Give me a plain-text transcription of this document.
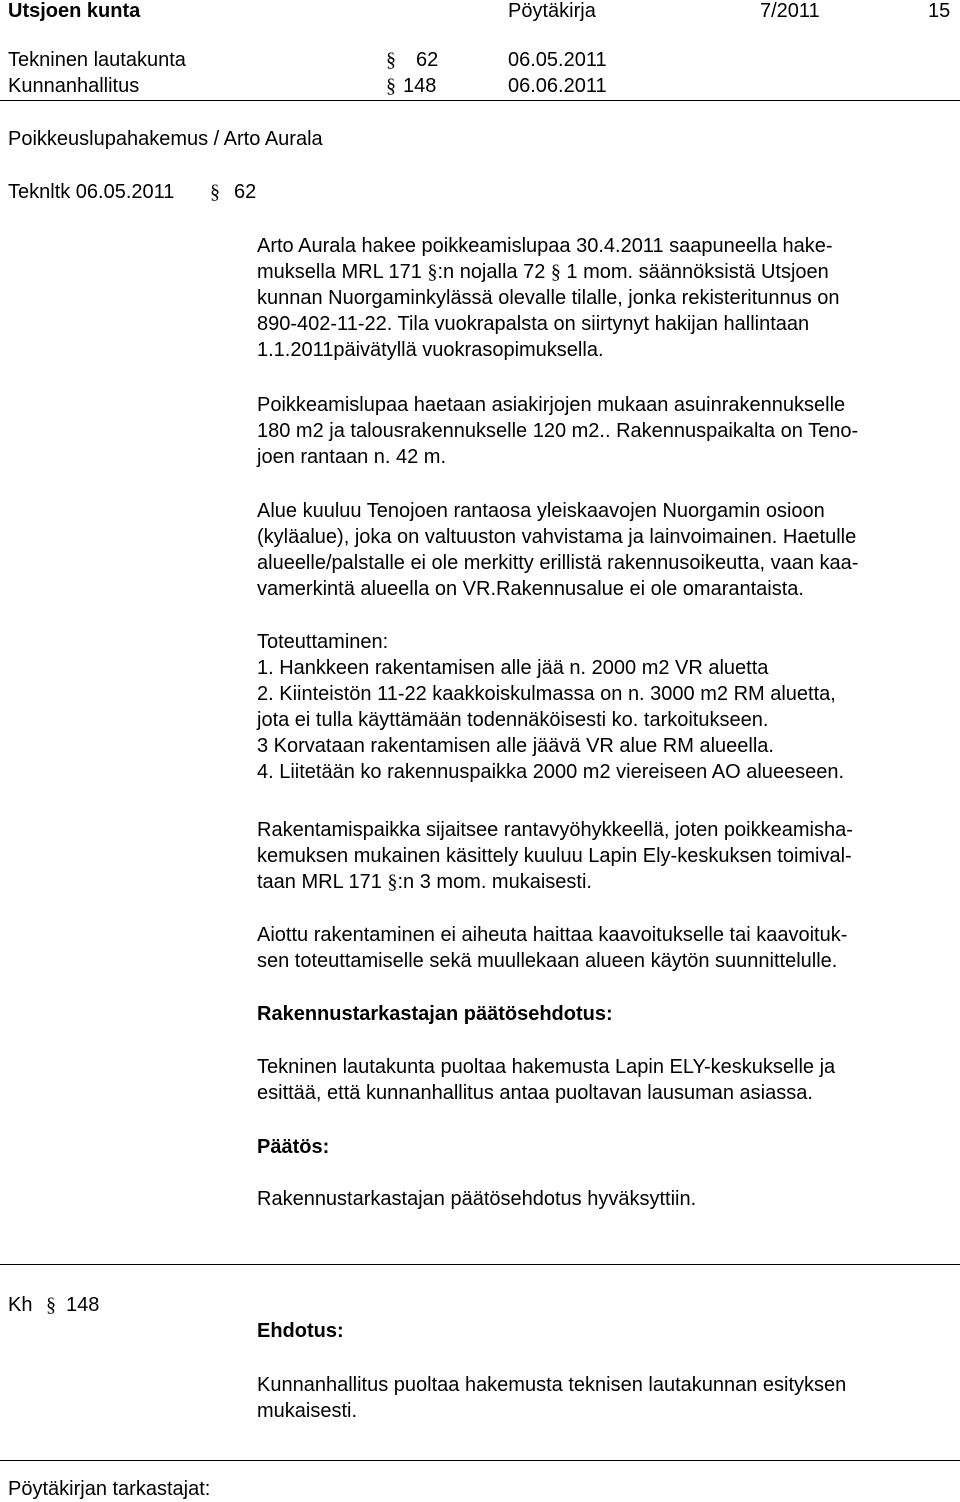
Utsjoen kunta	Pöytäkirja	7/2011	15
Tekninen lautakunta	§ 62	06.05.2011
Kunnanhallitus	§ 148	06.06.2011
Poikkeuslupahakemus / Arto Aurala
Teknltk 06.05.2011 § 62
Arto Aurala hakee poikkeamislupaa 30.4.2011 saapuneella hake-
muksella MRL 171 §:n nojalla 72 § 1 mom. säännöksistä Utsjoen
kunnan Nuorgaminkylässä olevalle tilalle, jonka rekisteritunnus on
890-402-11-22. Tila vuokrapalsta on siirtynyt hakijan hallintaan
1.1.2011päivätyllä vuokrasopimuksella.
Poikkeamislupaa haetaan asiakirjojen mukaan asuinrakennukselle
180 m2 ja talousrakennukselle 120 m2.. Rakennuspaikalta on Teno-
joen rantaan n. 42 m.
Alue kuuluu Tenojoen rantaosa yleiskaavojen Nuorgamin osioon
(kyläalue), joka on valtuuston vahvistama ja lainvoimainen. Haetulle
alueelle/palstalle ei ole merkitty erillistä rakennusoikeutta, vaan kaa-
vamerkintä alueella on VR.Rakennusalue ei ole omarantaista.
Toteuttaminen:
1. Hankkeen rakentamisen alle jää n. 2000 m2 VR aluetta
2. Kiinteistön 11-22 kaakkoiskulmassa on n. 3000 m2 RM aluetta,
jota ei tulla käyttämään todennäköisesti ko. tarkoitukseen.
3 Korvataan rakentamisen alle jäävä VR alue RM alueella.
4. Liitetään ko rakennuspaikka 2000 m2 viereiseen AO alueeseen.
Rakentamispaikka sijaitsee rantavyöhykkeellä, joten poikkeamisha-
kemuksen mukainen käsittely kuuluu Lapin Ely-keskuksen toimival-
taan MRL 171 §:n 3 mom. mukaisesti.
Aiottu rakentaminen ei aiheuta haittaa kaavoitukselle tai kaavoituk-
sen toteuttamiselle sekä muullekaan alueen käytön suunnittelulle.
Rakennustarkastajan päätösehdotus:
Tekninen lautakunta puoltaa hakemusta Lapin ELY-keskukselle ja
esittää, että kunnanhallitus antaa puoltavan lausuman asiassa.
Päätös:
Rakennustarkastajan päätösehdotus hyväksyttiin.
Kh § 148
Ehdotus:
Kunnanhallitus puoltaa hakemusta teknisen lautakunnan esityksen
mukaisesti.
Pöytäkirjan tarkastajat:
